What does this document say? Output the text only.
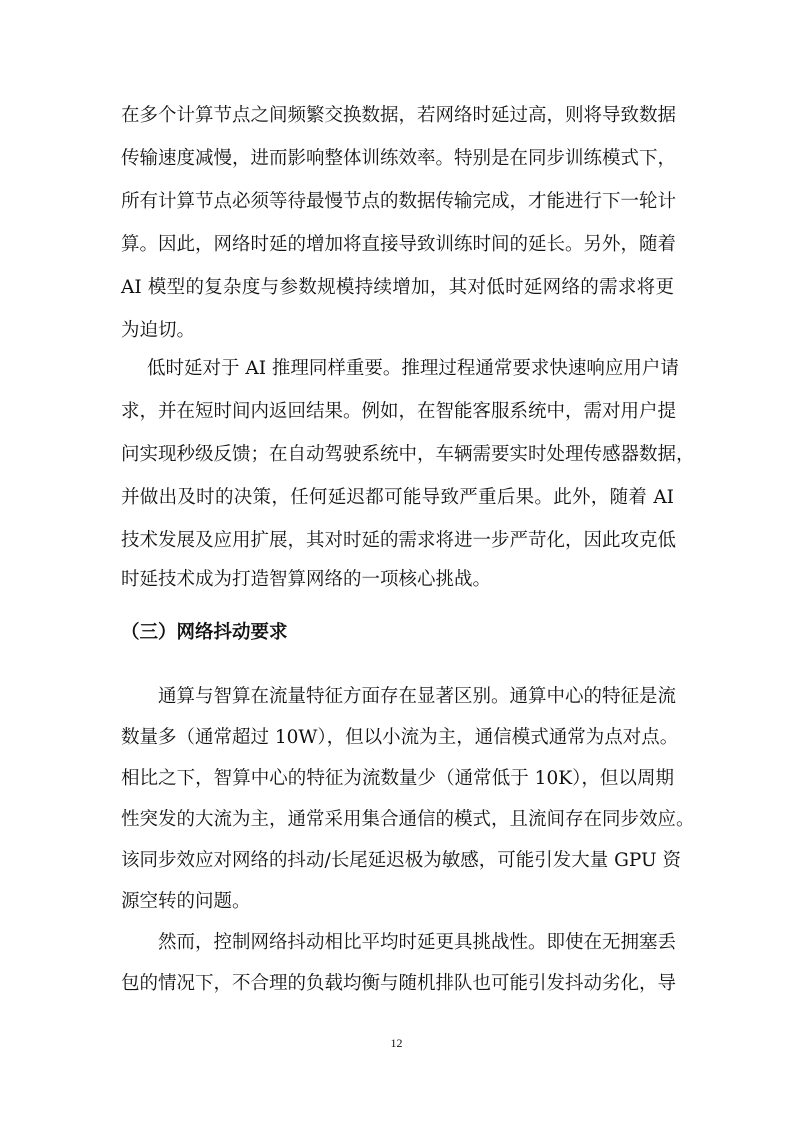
在多个计算节点之间频繁交换数据，若网络时延过高，则将导致数据
传输速度减慢，进而影响整体训练效率。特别是在同步训练模式下，
所有计算节点必须等待最慢节点的数据传输完成，才能进行下一轮计
算。因此，网络时延的增加将直接导致训练时间的延长。另外，随着
AI 模型的复杂度与参数规模持续增加，其对低时延网络的需求将更
为迫切。
低时延对于 AI 推理同样重要。推理过程通常要求快速响应用户请
求，并在短时间内返回结果。例如，在智能客服系统中，需对用户提
问实现秒级反馈；在自动驾驶系统中，车辆需要实时处理传感器数据，
并做出及时的决策，任何延迟都可能导致严重后果。此外，随着 AI
技术发展及应用扩展，其对时延的需求将进一步严苛化，因此攻克低
时延技术成为打造智算网络的一项核心挑战。
（三）网络抖动要求
通算与智算在流量特征方面存在显著区别。通算中心的特征是流
数量多（通常超过 10W），但以小流为主，通信模式通常为点对点。
相比之下，智算中心的特征为流数量少（通常低于 10K），但以周期
性突发的大流为主，通常采用集合通信的模式，且流间存在同步效应。
该同步效应对网络的抖动/长尾延迟极为敏感，可能引发大量 GPU 资
源空转的问题。
然而，控制网络抖动相比平均时延更具挑战性。即使在无拥塞丢
包的情况下，不合理的负载均衡与随机排队也可能引发抖动劣化，导
12
